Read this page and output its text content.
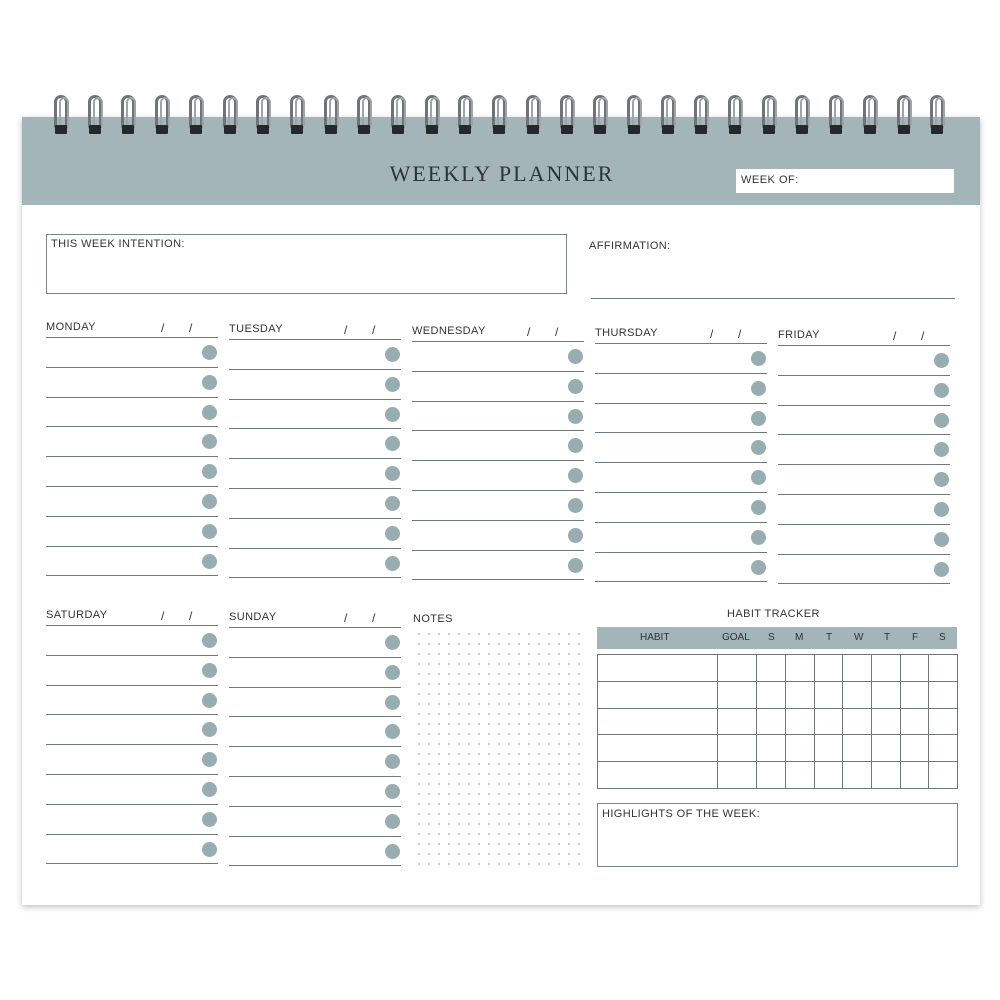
WEEKLY PLANNER	WEEK OF:
THIS WEEK INTENTION:	AFFIRMATION:
MONDAY	/ /	TUESDAY	/ /	WEDNESDAY	/ /	THURSDAY	/ /	FRIDAY	/ /
SATURDAY	/ /	SUNDAY	/ /	NOTES	HABIT TRACKER
HABIT	GOAL S M T W T F S
HIGHLIGHTS OF THE WEEK:
